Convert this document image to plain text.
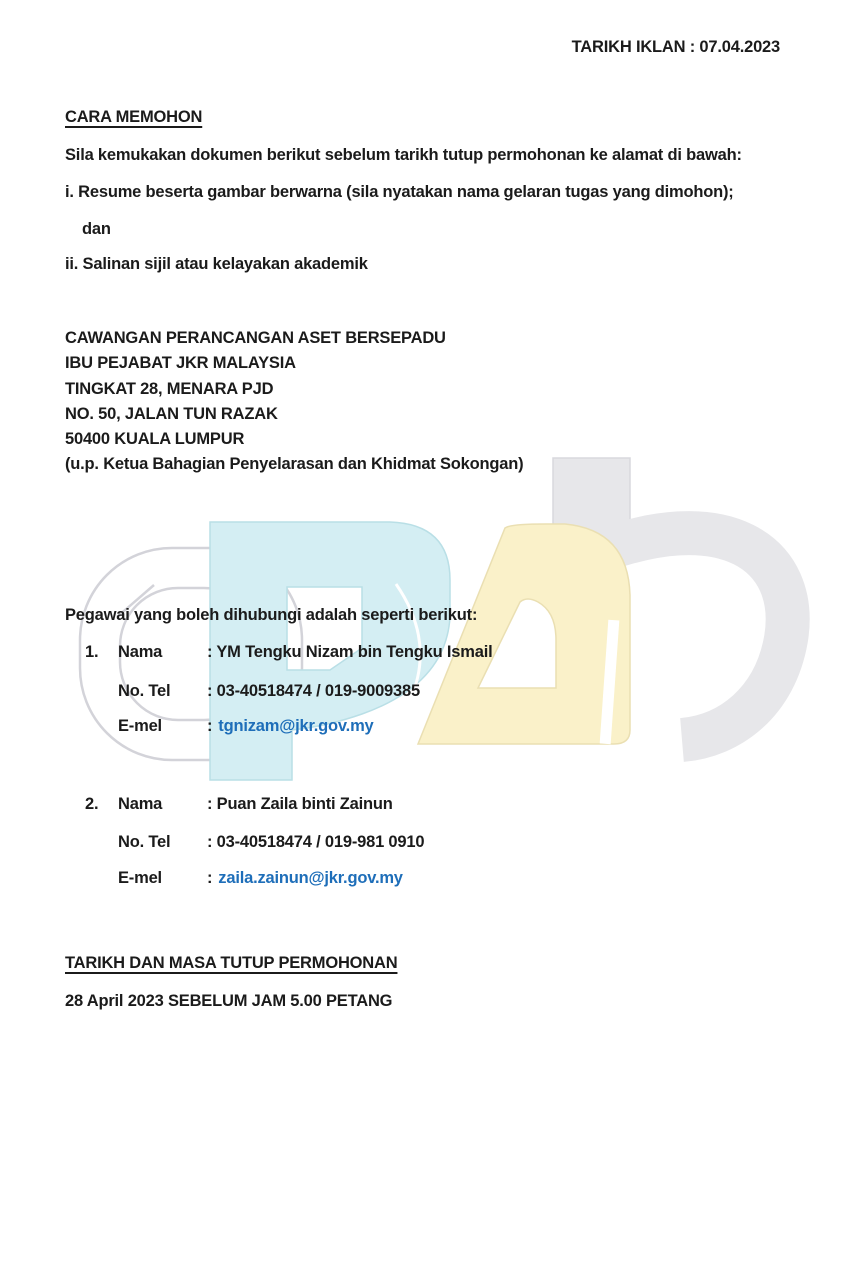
TARIKH IKLAN : 07.04.2023
CARA MEMOHON
Sila kemukakan dokumen berikut sebelum tarikh tutup permohonan ke alamat di bawah:
i. Resume beserta gambar berwarna (sila nyatakan nama gelaran tugas yang dimohon);
dan
ii. Salinan sijil atau kelayakan akademik
CAWANGAN PERANCANGAN ASET BERSEPADU
IBU PEJABAT JKR MALAYSIA
TINGKAT 28, MENARA PJD
NO. 50, JALAN TUN RAZAK
50400 KUALA LUMPUR
(u.p. Ketua Bahagian Penyelarasan dan Khidmat Sokongan)
Pegawai yang boleh dihubungi adalah seperti berikut:
1. Nama	: YM Tengku Nizam bin Tengku Ismail
No. Tel : 03-40518474 / 019-9009385
E-mel	: tgnizam@jkr.gov.my
2. Nama	: Puan Zaila binti Zainun
No. Tel : 03-40518474 / 019-981 0910
E-mel	: zaila.zainun@jkr.gov.my
TARIKH DAN MASA TUTUP PERMOHONAN
28 April 2023 SEBELUM JAM 5.00 PETANG
